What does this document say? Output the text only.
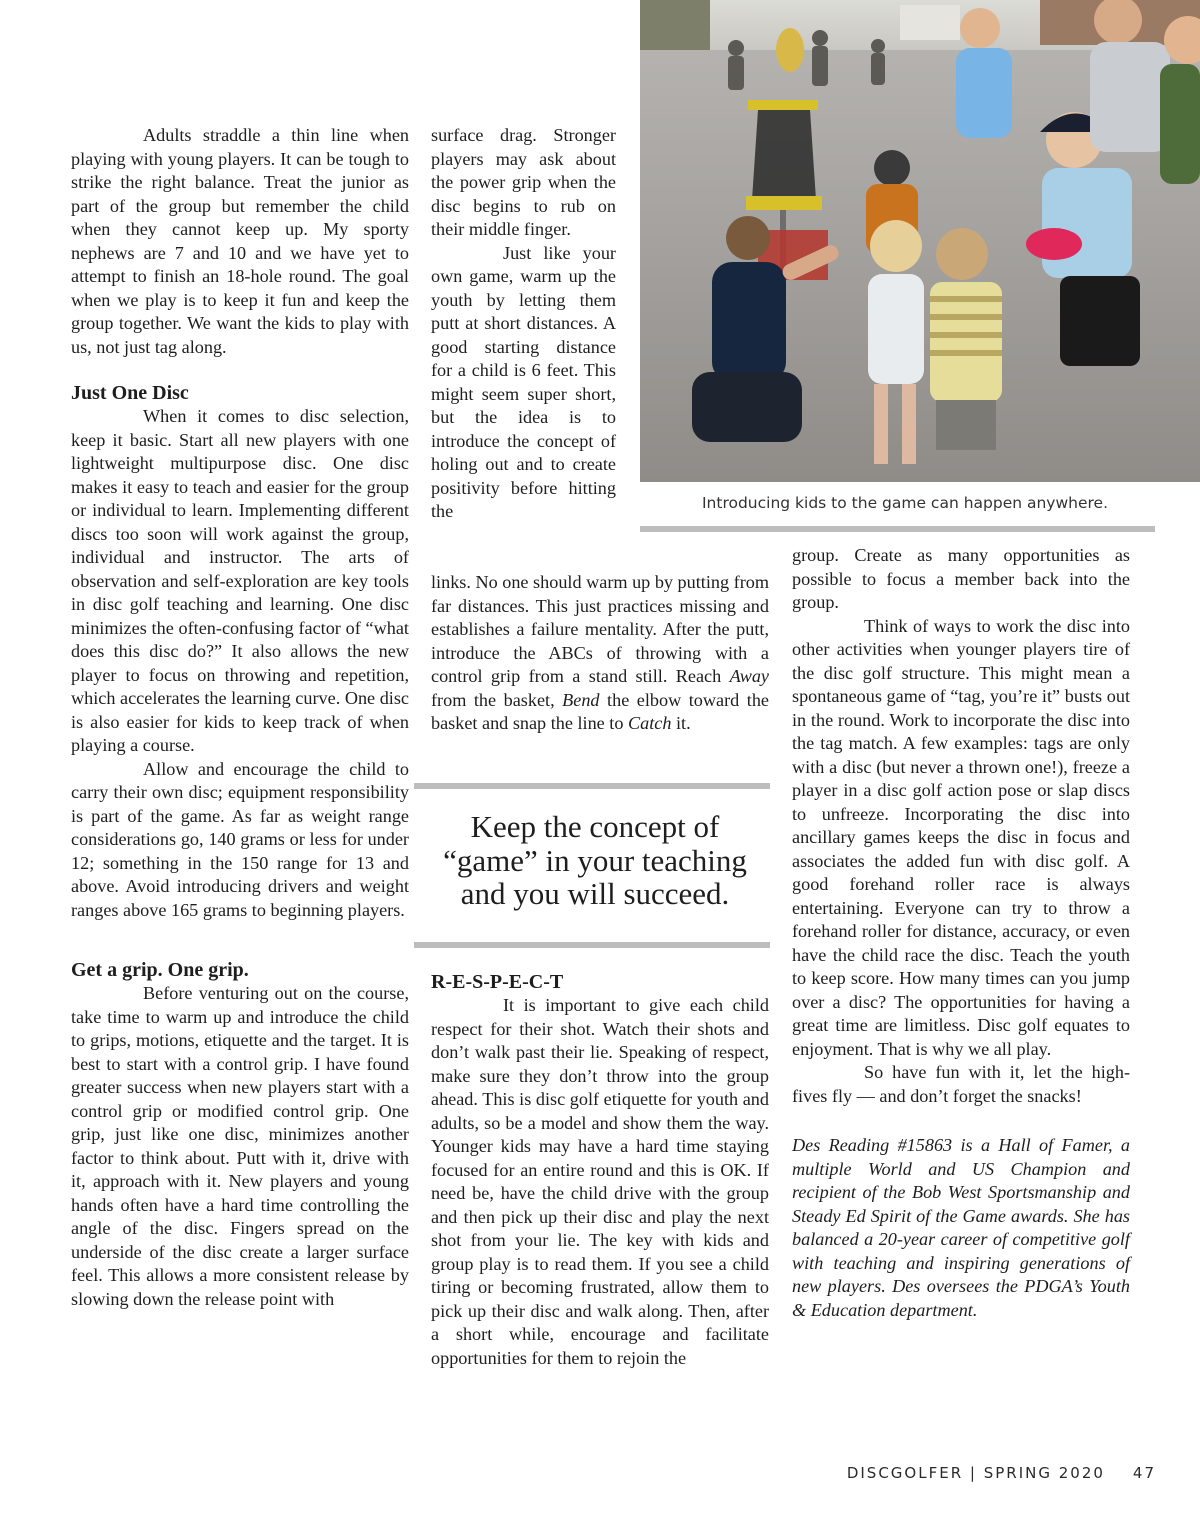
Adults straddle a thin line when playing with young players. It can be tough to strike the right balance. Treat the junior as part of the group but remember the child when they cannot keep up. My sporty nephews are 7 and 10 and we have yet to attempt to finish an 18-hole round. The goal when we play is to keep it fun and keep the group together. We want the kids to play with us, not just tag along.

Just One Disc

When it comes to disc selection, keep it basic. Start all new players with one lightweight multipurpose disc. One disc makes it easy to teach and easier for the group or individual to learn. Implementing different discs too soon will work against the group, individual and instructor. The arts of observation and self-exploration are key tools in disc golf teaching and learning. One disc minimizes the often-confusing factor of “what does this disc do?” It also allows the new player to focus on throwing and repetition, which accelerates the learning curve. One disc is also easier for kids to keep track of when playing a course.

Allow and encourage the child to carry their own disc; equipment responsibility is part of the game. As far as weight range considerations go, 140 grams or less for under 12; something in the 150 range for 13 and above. Avoid introducing drivers and weight ranges above 165 grams to beginning players.

Get a grip. One grip.

Before venturing out on the course, take time to warm up and introduce the child to grips, motions, etiquette and the target. It is best to start with a control grip. I have found greater success when new players start with a control grip or modified control grip. One grip, just like one disc, minimizes another factor to think about. Putt with it, drive with it, approach with it. New players and young hands often have a hard time controlling the angle of the disc. Fingers spread on the underside of the disc create a larger surface feel. This allows a more consistent release by slowing down the release point with

surface drag. Stronger players may ask about the power grip when the disc begins to rub on their middle finger.

Just like your own game, warm up the youth by letting them putt at short distances. A good starting distance for a child is 6 feet. This might seem super short, but the idea is to introduce the concept of holing out and to create positivity before hitting the

links. No one should warm up by putting from far distances. This just practices missing and establishes a failure mentality. After the putt, introduce the ABCs of throwing with a control grip from a stand still. Reach Away from the basket, Bend the elbow toward the basket and snap the line to Catch it.

Keep the concept of “game” in your teaching and you will succeed.
R-E-S-P-E-C-T

It is important to give each child respect for their shot. Watch their shots and don’t walk past their lie. Speaking of respect, make sure they don’t throw into the group ahead. This is disc golf etiquette for youth and adults, so be a model and show them the way. Younger kids may have a hard time staying focused for an entire round and this is OK. If need be, have the child drive with the group and then pick up their disc and play the next shot from your lie. The key with kids and group play is to read them. If you see a child tiring or becoming frustrated, allow them to pick up their disc and walk along. Then, after a short while, encourage and facilitate opportunities for them to rejoin the

group. Create as many opportunities as possible to focus a member back into the group.

Think of ways to work the disc into other activities when younger players tire of the disc golf structure. This might mean a spontaneous game of “tag, you’re it” busts out in the round. Work to incorporate the disc into the tag match. A few examples: tags are only with a disc (but never a thrown one!), freeze a player in a disc golf action pose or slap discs to unfreeze. Incorporating the disc into ancillary games keeps the disc in focus and associates the added fun with disc golf. A good forehand roller race is always entertaining. Everyone can try to throw a forehand roller for distance, accuracy, or even have the child race the disc. Teach the youth to keep score. How many times can you jump over a disc? The opportunities for having a great time are limitless. Disc golf equates to enjoyment. That is why we all play.

So have fun with it, let the high-fives fly — and don’t forget the snacks!

Des Reading #15863 is a Hall of Famer, a multiple World and US Champion and recipient of the Bob West Sportsmanship and Steady Ed Spirit of the Game awards. She has balanced a 20-year career of competitive golf with teaching and inspiring generations of new players. Des oversees the PDGA’s Youth & Education department.

Introducing kids to the game can happen anywhere.
DISCGOLFER | SPRING 2020 47
